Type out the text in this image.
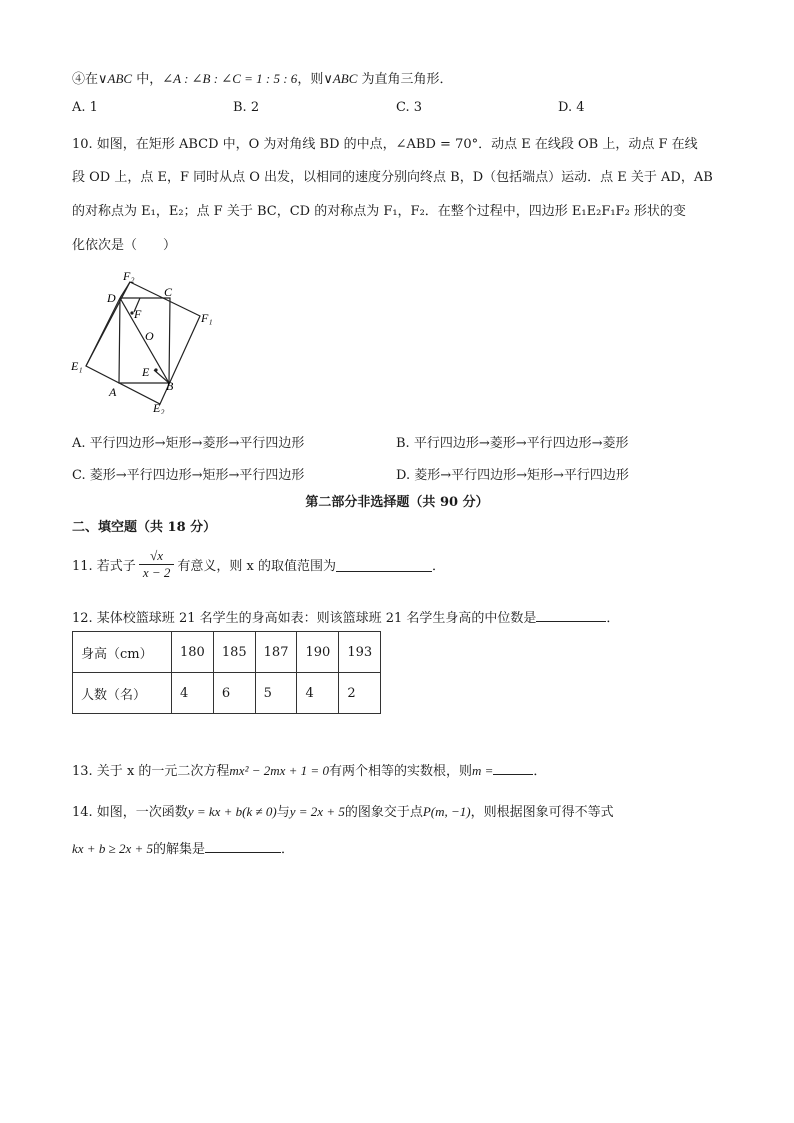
④在∨ABC 中，∠A : ∠B : ∠C = 1 : 5 : 6，则∨ABC 为直角三角形．
A. 1	B. 2	C. 3	D. 4
10. 如图，在矩形 ABCD 中，O 为对角线 BD 的中点，∠ABD = 70°．动点 E 在线段 OB 上，动点 F 在线
段 OD 上，点 E，F 同时从点 O 出发，以相同的速度分别向终点 B，D（包括端点）运动．点 E 关于 AD，AB
的对称点为 E₁，E₂；点 F 关于 BC，CD 的对称点为 F₁，F₂．在整个过程中，四边形 E₁E₂F₁F₂ 形状的变
化依次是（　　）
F₂
D	C
F	F₁
O
E₁	E
A	B
E₂
A. 平行四边形→矩形→菱形→平行四边形	B. 平行四边形→菱形→平行四边形→菱形
C. 菱形→平行四边形→矩形→平行四边形	D. 菱形→平行四边形→矩形→平行四边形
第二部分非选择题（共 90 分）
二、填空题（共 18 分）
11. 若式子 $\frac{√x}{x - 2}$ 有意义，则 x 的取值范围为	．
12. 某体校篮球班 21 名学生的身高如表：则该篮球班 21 名学生身高的中位数是	．
身高（cm）	180	185	187	190	193
人数（名）	4	6	5	4	2
13. 关于 x 的一元二次方程mx² − 2mx + 1 = 0有两个相等的实数根，则m =	．
14. 如图，一次函数y = kx + b(k ≠ 0)与y = 2x + 5的图象交于点P(m, −1)，则根据图象可得不等式
kx + b ≥ 2x + 5的解集是	．
